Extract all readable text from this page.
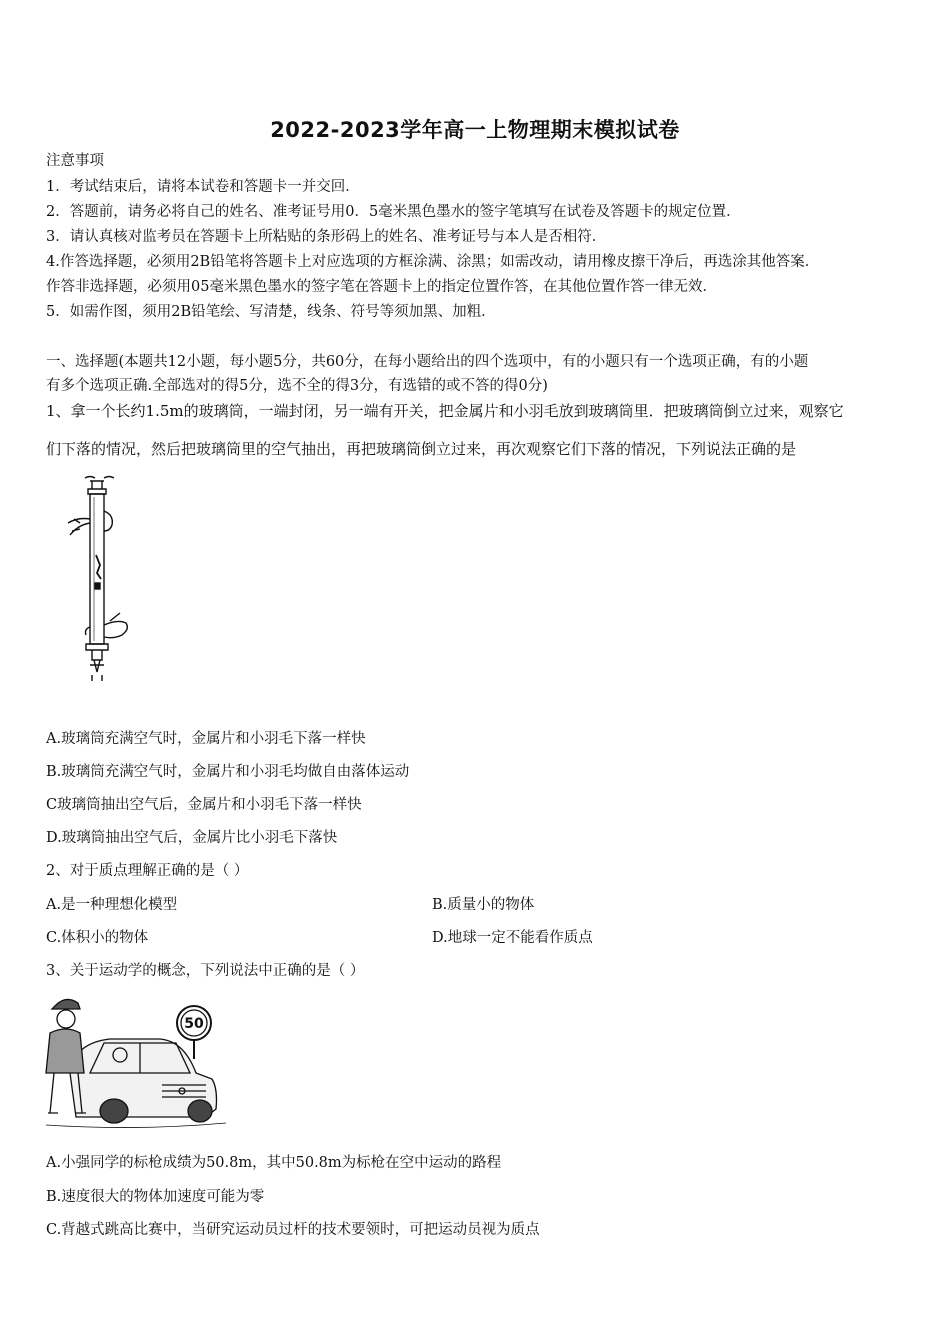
2022-2023学年高一上物理期末模拟试卷
注意事项
1．考试结束后，请将本试卷和答题卡一并交回．
2．答题前，请务必将自己的姓名、准考证号用0．5毫米黑色墨水的签字笔填写在试卷及答题卡的规定位置．
3．请认真核对监考员在答题卡上所粘贴的条形码上的姓名、准考证号与本人是否相符．
4.作答选择题，必须用2B铅笔将答题卡上对应选项的方框涂满、涂黑；如需改动，请用橡皮擦干净后，再选涂其他答案．
作答非选择题，必须用05毫米黑色墨水的签字笔在答题卡上的指定位置作答，在其他位置作答一律无效．
5．如需作图，须用2B铅笔绘、写清楚，线条、符号等须加黑、加粗．
一、选择题(本题共12小题，每小题5分，共60分，在每小题给出的四个选项中，有的小题只有一个选项正确，有的小题
有多个选项正确.全部选对的得5分，选不全的得3分，有选错的或不答的得0分)
1、拿一个长约1.5m的玻璃筒，一端封闭，另一端有开关，把金属片和小羽毛放到玻璃筒里．把玻璃筒倒立过来，观察它
们下落的情况，然后把玻璃筒里的空气抽出，再把玻璃筒倒立过来，再次观察它们下落的情况，下列说法正确的是
A.玻璃筒充满空气时，金属片和小羽毛下落一样快
B.玻璃筒充满空气时，金属片和小羽毛均做自由落体运动
C玻璃筒抽出空气后，金属片和小羽毛下落一样快
D.玻璃筒抽出空气后，金属片比小羽毛下落快
2、对于质点理解正确的是（ ）
A.是一种理想化模型	B.质量小的物体
C.体积小的物体	D.地球一定不能看作质点
3、关于运动学的概念，下列说法中正确的是（ ）
50
A.小强同学的标枪成绩为50.8m，其中50.8m为标枪在空中运动的路程
B.速度很大的物体加速度可能为零
C.背越式跳高比赛中，当研究运动员过杆的技术要领时，可把运动员视为质点
